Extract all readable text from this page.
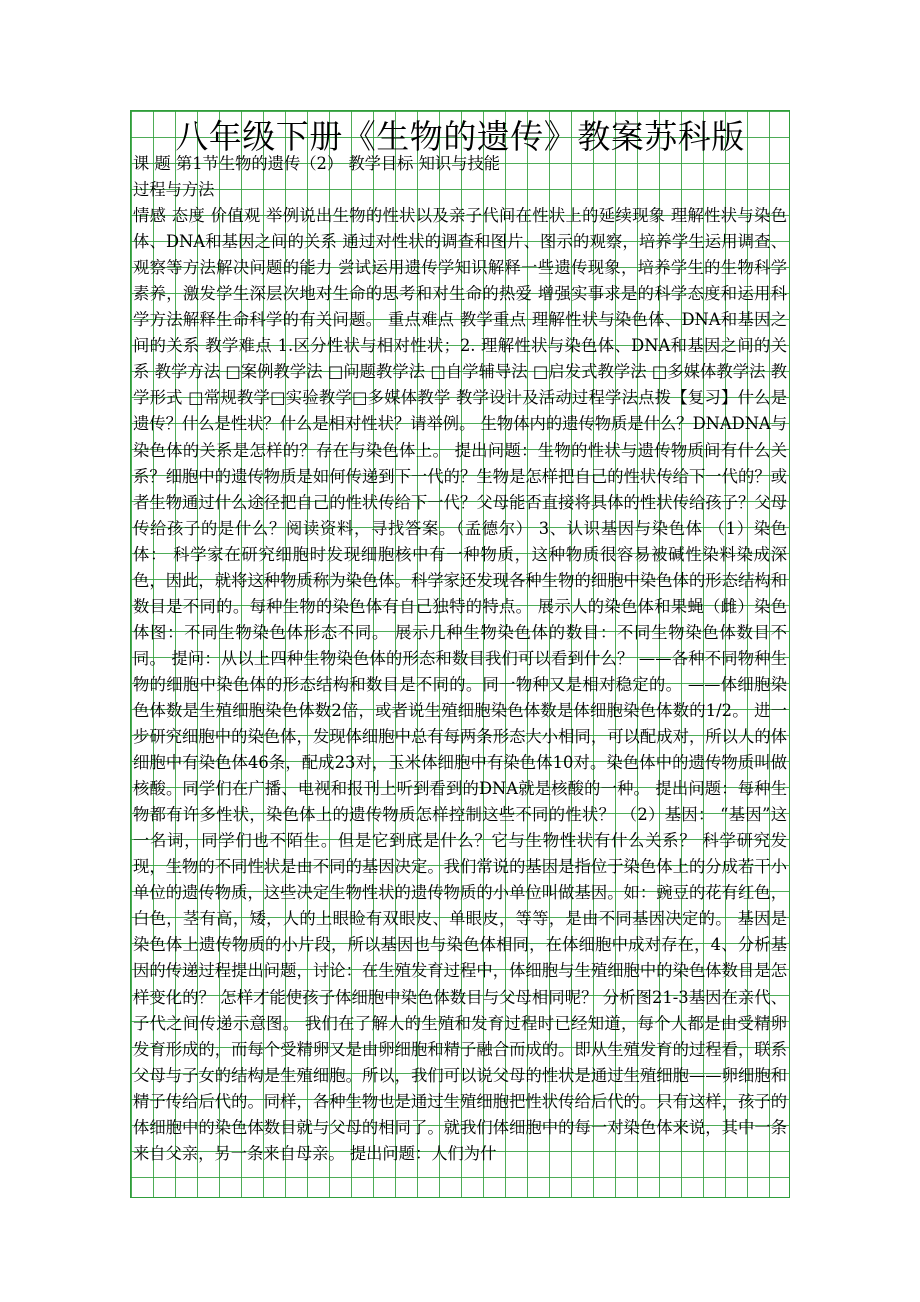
八年级下册《生物的遗传》教案苏科版
课 题 第1节生物的遗传（2） 教学目标 知识与技能
过程与方法
情感 态度 价值观 举例说出生物的性状以及亲子代间在性状上的延续现象 理解性状与染色体、DNA和基因之间的关系 通过对性状的调查和图片、图示的观察，培养学生运用调查、观察等方法解决问题的能力 尝试运用遗传学知识解释一些遗传现象，培养学生的生物科学素养，激发学生深层次地对生命的思考和对生命的热爱 增强实事求是的科学态度和运用科学方法解释生命科学的有关问题。 重点难点 教学重点 理解性状与染色体、DNA和基因之间的关系 教学难点 1.区分性状与相对性状；2. 理解性状与染色体、DNA和基因之间的关系 教学方法 □案例教学法 □问题教学法 □自学辅导法 □启发式教学法 □多媒体教学法 教学形式 □常规教学□实验教学□多媒体教学 教学设计及活动过程学法点拨【复习】什么是遗传？什么是性状？什么是相对性状？请举例。 生物体内的遗传物质是什么？DNADNA与染色体的关系是怎样的？存在与染色体上。 提出问题：生物的性状与遗传物质间有什么关系？细胞中的遗传物质是如何传递到下一代的？生物是怎样把自己的性状传给下一代的？或者生物通过什么途径把自己的性状传给下一代？父母能否直接将具体的性状传给孩子？父母传给孩子的是什么？阅读资料，寻找答案。（孟德尔） 3、认识基因与染色体 （1）染色体： 科学家在研究细胞时发现细胞核中有一种物质，这种物质很容易被碱性染料染成深色，因此，就将这种物质称为染色体。科学家还发现各种生物的细胞中染色体的形态结构和数目是不同的。每种生物的染色体有自己独特的特点。 展示人的染色体和果蝇（雌）染色体图：不同生物染色体形态不同。 展示几种生物染色体的数目：不同生物染色体数目不同。 提问：从以上四种生物染色体的形态和数目我们可以看到什么？ ——各种不同物种生物的细胞中染色体的形态结构和数目是不同的。同一物种又是相对稳定的。 ——体细胞染色体数是生殖细胞染色体数2倍，或者说生殖细胞染色体数是体细胞染色体数的1/2。 进一步研究细胞中的染色体，发现体细胞中总有每两条形态大小相同，可以配成对，所以人的体细胞中有染色体46条，配成23对，玉米体细胞中有染色体10对。染色体中的遗传物质叫做核酸。同学们在广播、电视和报刊上听到看到的DNA就是核酸的一种。 提出问题：每种生物都有许多性状，染色体上的遗传物质怎样控制这些不同的性状？ （2）基因： “基因”这一名词，同学们也不陌生。但是它到底是什么？它与生物性状有什么关系？ 科学研究发现，生物的不同性状是由不同的基因决定。我们常说的基因是指位于染色体上的分成若干小单位的遗传物质，这些决定生物性状的遗传物质的小单位叫做基因。如：豌豆的花有红色，白色，茎有高，矮，人的上眼睑有双眼皮、单眼皮，等等，是由不同基因决定的。 基因是染色体上遗传物质的小片段，所以基因也与染色体相同，在体细胞中成对存在，4、分析基因的传递过程提出问题，讨论：在生殖发育过程中，体细胞与生殖细胞中的染色体数目是怎样变化的？ 怎样才能使孩子体细胞中染色体数目与父母相同呢？ 分析图21-3基因在亲代、子代之间传递示意图。 我们在了解人的生殖和发育过程时已经知道，每个人都是由受精卵发育形成的，而每个受精卵又是由卵细胞和精子融合而成的。即从生殖发育的过程看，联系父母与子女的结构是生殖细胞。所以，我们可以说父母的性状是通过生殖细胞——卵细胞和精子传给后代的。同样，各种生物也是通过生殖细胞把性状传给后代的。只有这样，孩子的体细胞中的染色体数目就与父母的相同了。就我们体细胞中的每一对染色体来说，其中一条来自父亲，另一条来自母亲。 提出问题：人们为什
